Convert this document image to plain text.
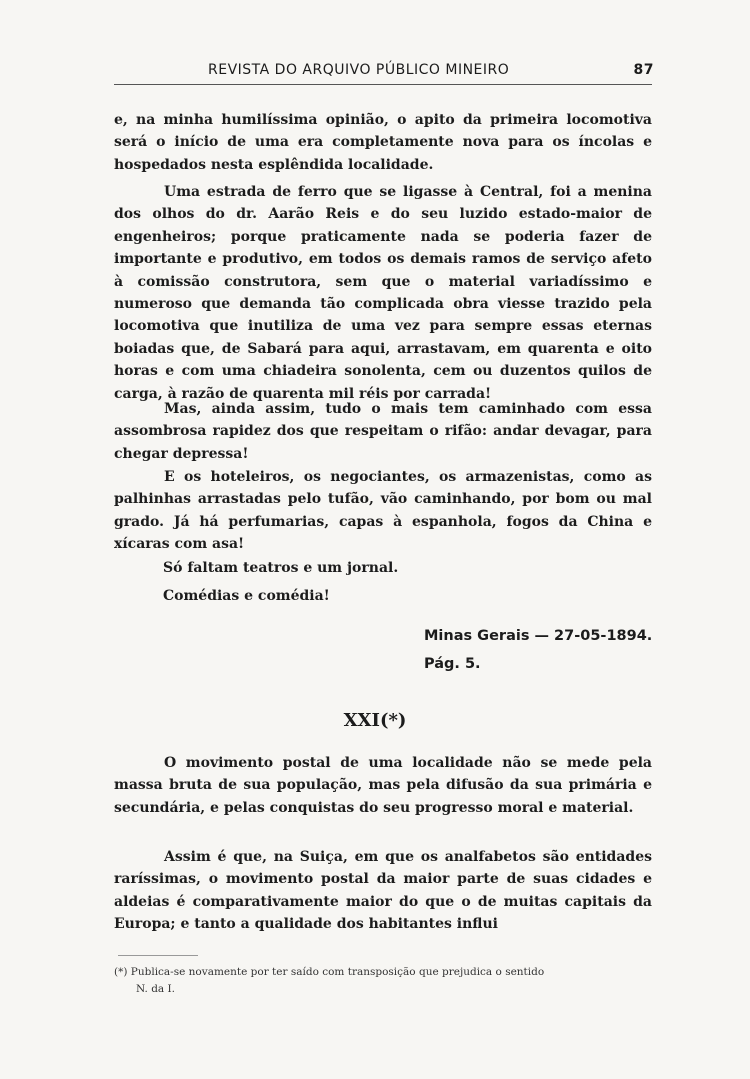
REVISTA DO ARQUIVO PÚBLICO MINEIRO	87

e, na minha humilíssima opinião, o apito da primeira locomotiva será o início de uma era completamente nova para os íncolas e hospedados nesta esplêndida localidade.

Uma estrada de ferro que se ligasse à Central, foi a menina dos olhos do dr. Aarão Reis e do seu luzido estado-maior de engenheiros; porque praticamente nada se poderia fazer de importante e produtivo, em todos os demais ramos de serviço afeto à comissão construtora, sem que o material variadíssimo e numeroso que demanda tão complicada obra viesse trazido pela locomotiva que inutiliza de uma vez para sempre essas eternas boiadas que, de Sabará para aqui, arrastavam, em quarenta e oito horas e com uma chiadeira sonolenta, cem ou duzentos quilos de carga, à razão de quarenta mil réis por carrada!

Mas, ainda assim, tudo o mais tem caminhado com essa assombrosa rapidez dos que respeitam o rifão: andar devagar, para chegar depressa!

E os hoteleiros, os negociantes, os armazenistas, como as palhinhas arrastadas pelo tufão, vão caminhando, por bom ou mal grado. Já há perfumarias, capas à espanhola, fogos da China e xícaras com asa!

Só faltam teatros e um jornal.
Comédias e comédia!
Minas Gerais — 27-05-1894.
Pág. 5.
XXI(*)

O movimento postal de uma localidade não se mede pela massa bruta de sua população, mas pela difusão da sua primária e secundária, e pelas conquistas do seu progresso moral e material.

Assim é que, na Suiça, em que os analfabetos são entidades raríssimas, o movimento postal da maior parte de suas cidades e aldeias é comparativamente maior do que o de muitas capitais da Europa; e tanto a qualidade dos habitantes influi

(*) Publica-se novamente por ter saído com transposição que prejudica o sentido

N. da I.
